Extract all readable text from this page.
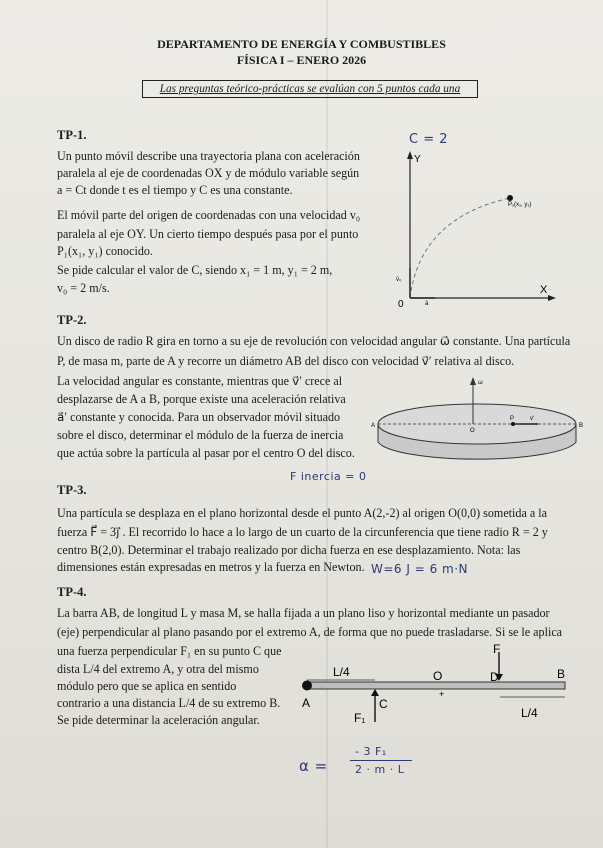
DEPARTAMENTO DE ENERGÍA Y COMBUSTIBLES
FÍSICA I – ENERO 2026
Las preguntas teórico-prácticas se evalúan con 5 puntos cada una
TP-1.
Un punto móvil describe una trayectoria plana con aceleración
paralela al eje de coordenadas OX y de módulo variable según
a = Ct donde t es el tiempo y C es una constante.
El móvil parte del origen de coordenadas con una velocidad v₀
paralela al eje OY. Un cierto tiempo después pasa por el punto
P₁(x₁, y₁) conocido.
Se pide calcular el valor de C, siendo x₁ = 1 m, y₁ = 2 m,
v₀ = 2 m/s.
C = 2
Y
X
0
v̄₀
ā
P₁(x₁, y₁)
TP-2.
Un disco de radio R gira en torno a su eje de revolución con velocidad angular ω⃗ constante. Una partícula
P, de masa m, parte de A y recorre un diámetro AB del disco con velocidad v⃗′ relativa al disco.
La velocidad angular es constante, mientras que v⃗′ crece al
desplazarse de A a B, porque existe una aceleración relativa
a⃗′ constante y conocida. Para un observador móvil situado
sobre el disco, determinar el módulo de la fuerza de inercia
que actúa sobre la partícula al pasar por el centro O del disco.
F inercia = 0
ω
A	B
O
P	v′
TP-3.
Una partícula se desplaza en el plano horizontal desde el punto A(2,-2) al origen O(0,0) sometida a la
fuerza F⃗ = 3j⃗ . El recorrido lo hace a lo largo de un cuarto de la circunferencia que tiene radio R = 2 y
centro B(2,0). Determinar el trabajo realizado por dicha fuerza en ese desplazamiento. Nota: las
dimensiones están expresadas en metros y la fuerza en Newton. W=6 J = 6 m·N
TP-4.
La barra AB, de longitud L y masa M, se halla fijada a un plano liso y horizontal mediante un pasador
(eje) perpendicular al plano pasando por el extremo A, de forma que no puede trasladarse. Si se le aplica
una fuerza perpendicular F₁ en su punto C que
dista L/4 del extremo A, y otra del mismo
módulo pero que se aplica en sentido
contrario a una distancia L/4 de su extremo B.
Se pide determinar la aceleración angular.
+
L/4
L/4
O	D	B
A	C
F
F₁
α =
- 3 F₁
2 · m · L
